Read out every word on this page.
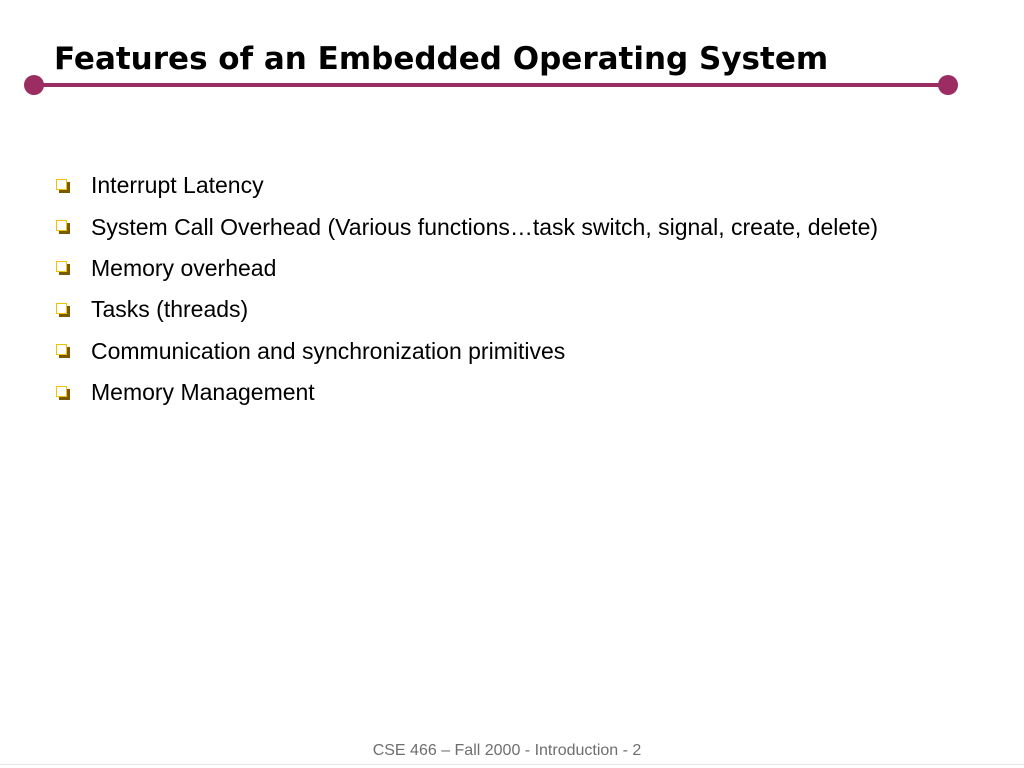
Features of an Embedded Operating System
Interrupt Latency
System Call Overhead (Various functions…task switch, signal, create, delete)
Memory overhead
Tasks (threads)
Communication and synchronization primitives
Memory Management
CSE 466 – Fall 2000 - Introduction - 2
